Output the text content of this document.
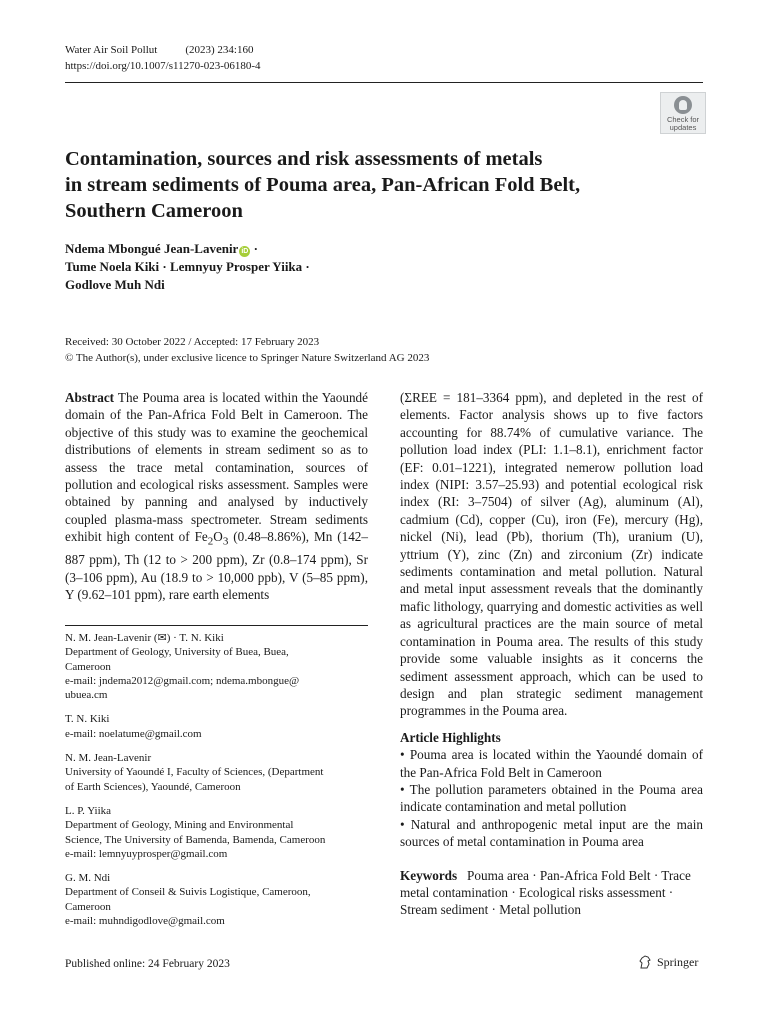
Water Air Soil Pollut	(2023) 234:160
https://doi.org/10.1007/s11270-023-06180-4
Check for
updates
Contamination, sources and risk assessments of metals
in stream sediments of Pouma area, Pan-African Fold Belt,
Southern Cameroon
Ndema Mbongué Jean-Lavenir iD ·
Tume Noela Kiki · Lemnyuy Prosper Yiika ·
Godlove Muh Ndi
Received: 30 October 2022 / Accepted: 17 February 2023
© The Author(s), under exclusive licence to Springer Nature Switzerland AG 2023

Abstract The Pouma area is located within the Yaoundé domain of the Pan-Africa Fold Belt in Cameroon. The objective of this study was to examine the geochemical distributions of elements in stream sediment so as to assess the trace metal contamination, sources of pollution and ecological risks assessment. Samples were obtained by panning and analysed by inductively coupled plasma-mass spectrometer. Stream sediments exhibit high content of $Fe_2O_3$ (0.48–8.86%), Mn (142–887 ppm), Th (12 to > 200 ppm), Zr (0.8–174 ppm), Sr (3–106 ppm), Au (18.9 to > 10,000 ppb), V (5–85 ppm), Y (9.62–101 ppm), rare earth elements

N. M. Jean-Lavenir (✉) · T. N. Kiki
Department of Geology, University of Buea, Buea,
Cameroon
e-mail: jndema2012@gmail.com; ndema.mbongue@
ubuea.cm
T. N. Kiki
e-mail: noelatume@gmail.com
N. M. Jean-Lavenir
University of Yaoundé I, Faculty of Sciences, (Department
of Earth Sciences), Yaoundé, Cameroon
L. P. Yiika
Department of Geology, Mining and Environmental
Science, The University of Bamenda, Bamenda, Cameroon
e-mail: lemnyuyprosper@gmail.com
G. M. Ndi
Department of Conseil & Suivis Logistique, Cameroon,
Cameroon
e-mail: muhndigodlove@gmail.com

(ΣREE = 181–3364 ppm), and depleted in the rest of elements. Factor analysis shows up to five factors accounting for 88.74% of cumulative variance. The pollution load index (PLI: 1.1–8.1), enrichment factor (EF: 0.01–1221), integrated nemerow pollution load index (NIPI: 3.57–25.93) and potential ecological risk index (RI: 3–7504) of silver (Ag), aluminum (Al), cadmium (Cd), copper (Cu), iron (Fe), mercury (Hg), nickel (Ni), lead (Pb), thorium (Th), uranium (U), yttrium (Y), zinc (Zn) and zirconium (Zr) indicate sediments contamination and metal pollution. Natural and metal input assessment reveals that the dominantly mafic lithology, quarrying and domestic activities as well as agricultural practices are the main source of metal contamination in Pouma area. The results of this study provide some valuable insights as it concerns the sediment assessment approach, which can be used to design and plan strategic sediment management programmes in the Pouma area.

Article Highlights
• Pouma area is located within the Yaoundé domain of the Pan-Africa Fold Belt in Cameroon
• The pollution parameters obtained in the Pouma area indicate contamination and metal pollution
• Natural and anthropogenic metal input are the main sources of metal contamination in Pouma area
Keywords Pouma area · Pan-Africa Fold Belt · Trace metal contamination · Ecological risks assessment · Stream sediment · Metal pollution
Published online: 24 February 2023	Springer
